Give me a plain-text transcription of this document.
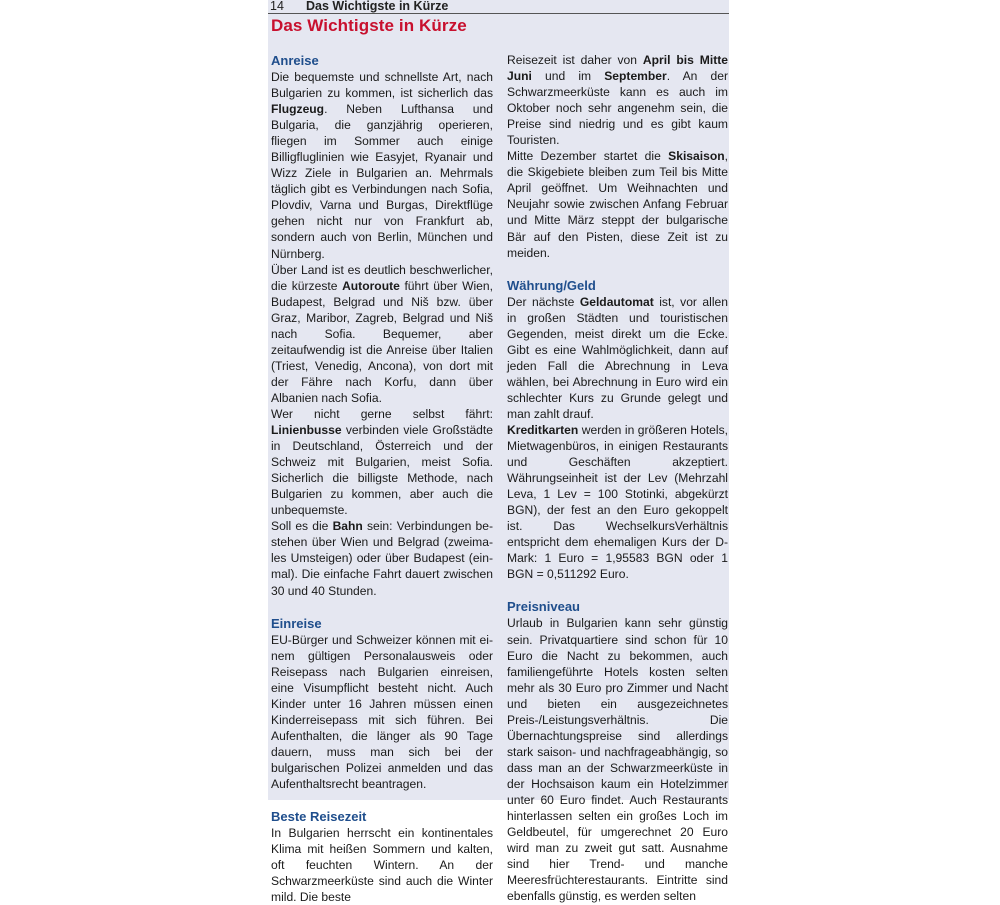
14 Das Wichtigste in Kürze
Das Wichtigste in Kürze
Anreise

Die bequemste und schnellste Art, nach Bulgarien zu kommen, ist sicherlich das Flugzeug. Neben Lufthansa und Bulgaria, die ganzjährig operieren, fliegen im Sommer auch einige Billigfluglinien wie Easyjet, Ryanair und Wizz Ziele in Bulgarien an. Mehrmals täglich gibt es Verbindungen nach Sofia, Plovdiv, Varna und Burgas, Direktflüge gehen nicht nur von Frankfurt ab, sondern auch von Berlin, München und Nürnberg.

Über Land ist es deutlich beschwerlicher, die kürzeste Autoroute führt über Wien, Budapest, Belgrad und Niš bzw. über Graz, Maribor, Zagreb, Belgrad und Niš nach Sofia. Bequemer, aber zeitaufwendig ist die Anreise über Italien (Triest, Venedig, Ancona), von dort mit der Fähre nach Korfu, dann über Albanien nach Sofia.

Wer nicht gerne selbst fährt: Linienbusse verbinden viele Großstädte in Deutschland, Österreich und der Schweiz mit Bulgarien, meist Sofia. Sicherlich die billigste Methode, nach Bulgarien zu kommen, aber auch die unbequemste.

Soll es die Bahn sein: Verbindungen bestehen über Wien und Belgrad (zweimales Umsteigen) oder über Budapest (einmal). Die einfache Fahrt dauert zwischen 30 und 40 Stunden.

Einreise

EU-Bürger und Schweizer können mit einem gültigen Personalausweis oder Reisepass nach Bulgarien einreisen, eine Visumpflicht besteht nicht. Auch Kinder unter 16 Jahren müssen einen Kinderreisepass mit sich führen. Bei Aufenthalten, die länger als 90 Tage dauern, muss man sich bei der bulgarischen Polizei anmelden und das Aufenthaltsrecht beantragen.

Beste Reisezeit

In Bulgarien herrscht ein kontinentales Klima mit heißen Sommern und kalten, oft feuchten Wintern. An der Schwarzmeerküste sind auch die Winter mild. Die beste

Reisezeit ist daher von April bis Mitte Juni und im September. An der Schwarzmeerküste kann es auch im Oktober noch sehr angenehm sein, die Preise sind niedrig und es gibt kaum Touristen.

Mitte Dezember startet die Skisaison, die Skigebiete bleiben zum Teil bis Mitte April geöffnet. Um Weihnachten und Neujahr sowie zwischen Anfang Februar und Mitte März steppt der bulgarische Bär auf den Pisten, diese Zeit ist zu meiden.

Währung/Geld

Der nächste Geldautomat ist, vor allen in großen Städten und touristischen Gegenden, meist direkt um die Ecke. Gibt es eine Wahlmöglichkeit, dann auf jeden Fall die Abrechnung in Leva wählen, bei Abrechnung in Euro wird ein schlechter Kurs zu Grunde gelegt und man zahlt drauf.

Kreditkarten werden in größeren Hotels, Mietwagenbüros, in einigen Restaurants und Geschäften akzeptiert. Währungseinheit ist der Lev (Mehrzahl Leva, 1 Lev = 100 Stotinki, abgekürzt BGN), der fest an den Euro gekoppelt ist. Das WechselkursVerhältnis entspricht dem ehemaligen Kurs der D-Mark: 1 Euro = 1,95583 BGN oder 1 BGN = 0,511292 Euro.

Preisniveau

Urlaub in Bulgarien kann sehr günstig sein. Privatquartiere sind schon für 10 Euro die Nacht zu bekommen, auch familiengeführte Hotels kosten selten mehr als 30 Euro pro Zimmer und Nacht und bieten ein ausgezeichnetes Preis-/Leistungsverhältnis. Die Übernachtungspreise sind allerdings stark saison- und nachfrageabhängig, so dass man an der Schwarzmeerküste in der Hochsaison kaum ein Hotelzimmer unter 60 Euro findet. Auch Restaurants hinterlassen selten ein großes Loch im Geldbeutel, für umgerechnet 20 Euro wird man zu zweit gut satt. Ausnahme sind hier Trend- und manche Meeresfrüchterestaurants. Eintritte sind ebenfalls günstig, es werden selten
